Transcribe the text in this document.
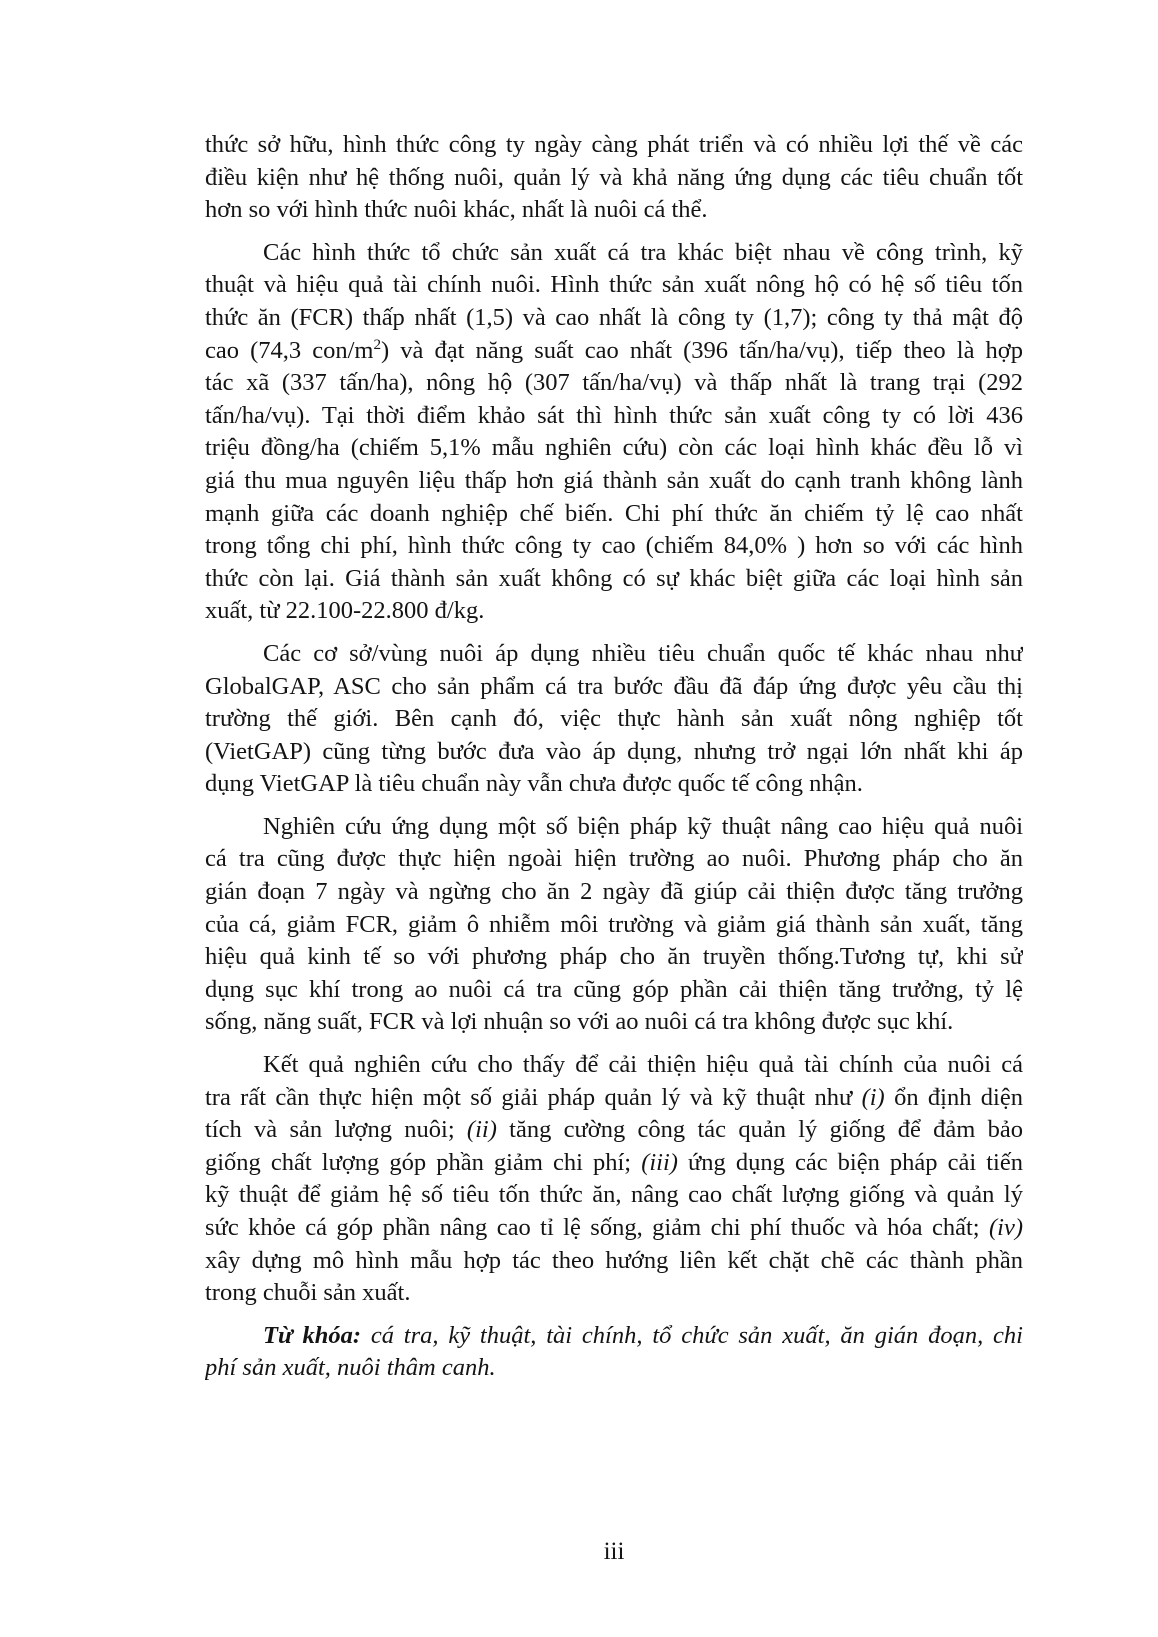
thức sở hữu, hình thức công ty ngày càng phát triển và có nhiều lợi thế về các
điều kiện như hệ thống nuôi, quản lý và khả năng ứng dụng các tiêu chuẩn tốt
hơn so với hình thức nuôi khác, nhất là nuôi cá thể.
Các hình thức tổ chức sản xuất cá tra khác biệt nhau về công trình, kỹ
thuật và hiệu quả tài chính nuôi. Hình thức sản xuất nông hộ có hệ số tiêu tốn
thức ăn (FCR) thấp nhất (1,5) và cao nhất là công ty (1,7); công ty thả mật độ
cao (74,3 con/$m^2$) và đạt năng suất cao nhất (396 tấn/ha/vụ), tiếp theo là hợp
tác xã (337 tấn/ha), nông hộ (307 tấn/ha/vụ) và thấp nhất là trang trại (292
tấn/ha/vụ). Tại thời điểm khảo sát thì hình thức sản xuất công ty có lời 436
triệu đồng/ha (chiếm 5,1% mẫu nghiên cứu) còn các loại hình khác đều lỗ vì
giá thu mua nguyên liệu thấp hơn giá thành sản xuất do cạnh tranh không lành
mạnh giữa các doanh nghiệp chế biến. Chi phí thức ăn chiếm tỷ lệ cao nhất
trong tổng chi phí, hình thức công ty cao (chiếm 84,0% ) hơn so với các hình
thức còn lại. Giá thành sản xuất không có sự khác biệt giữa các loại hình sản
xuất, từ 22.100-22.800 đ/kg.
Các cơ sở/vùng nuôi áp dụng nhiều tiêu chuẩn quốc tế khác nhau như
GlobalGAP, ASC cho sản phẩm cá tra bước đầu đã đáp ứng được yêu cầu thị
trường thế giới. Bên cạnh đó, việc thực hành sản xuất nông nghiệp tốt
(VietGAP) cũng từng bước đưa vào áp dụng, nhưng trở ngại lớn nhất khi áp
dụng VietGAP là tiêu chuẩn này vẫn chưa được quốc tế công nhận.
Nghiên cứu ứng dụng một số biện pháp kỹ thuật nâng cao hiệu quả nuôi
cá tra cũng được thực hiện ngoài hiện trường ao nuôi. Phương pháp cho ăn
gián đoạn 7 ngày và ngừng cho ăn 2 ngày đã giúp cải thiện được tăng trưởng
của cá, giảm FCR, giảm ô nhiễm môi trường và giảm giá thành sản xuất, tăng
hiệu quả kinh tế so với phương pháp cho ăn truyền thống.Tương tự, khi sử
dụng sục khí trong ao nuôi cá tra cũng góp phần cải thiện tăng trưởng, tỷ lệ
sống, năng suất, FCR và lợi nhuận so với ao nuôi cá tra không được sục khí.
Kết quả nghiên cứu cho thấy để cải thiện hiệu quả tài chính của nuôi cá
tra rất cần thực hiện một số giải pháp quản lý và kỹ thuật như (i) ổn định diện
tích và sản lượng nuôi; (ii) tăng cường công tác quản lý giống để đảm bảo
giống chất lượng góp phần giảm chi phí; (iii) ứng dụng các biện pháp cải tiến
kỹ thuật để giảm hệ số tiêu tốn thức ăn, nâng cao chất lượng giống và quản lý
sức khỏe cá góp phần nâng cao tỉ lệ sống, giảm chi phí thuốc và hóa chất; (iv)
xây dựng mô hình mẫu hợp tác theo hướng liên kết chặt chẽ các thành phần
trong chuỗi sản xuất.
Từ khóa: cá tra, kỹ thuật, tài chính, tổ chức sản xuất, ăn gián đoạn, chi
phí sản xuất, nuôi thâm canh.
iii
